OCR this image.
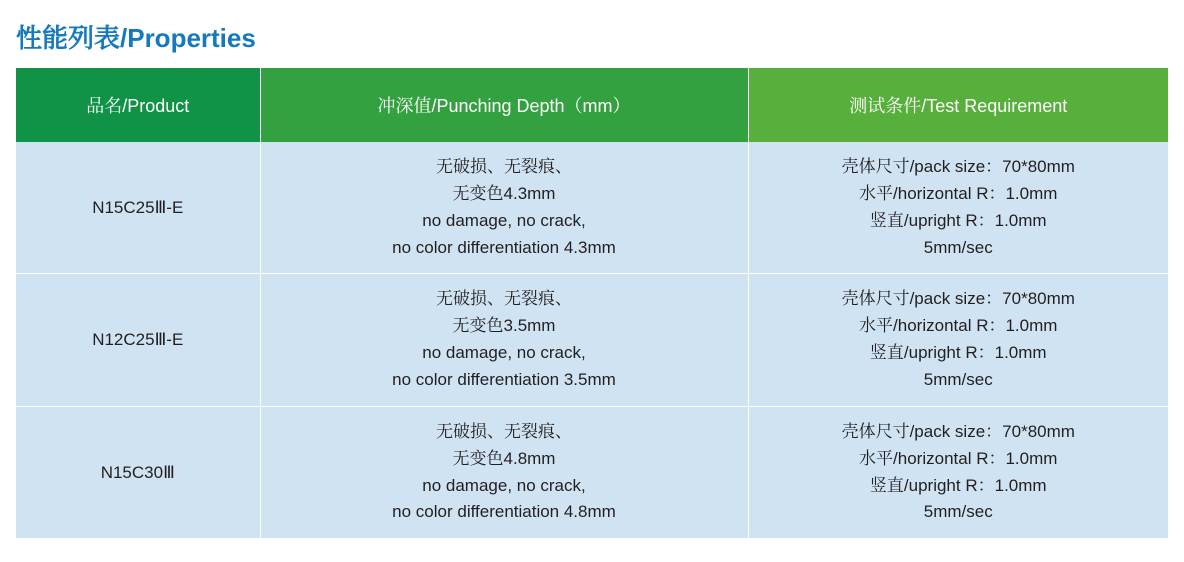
性能列表/Properties
品名/Product	冲深值/Punching Depth（mm）	测试条件/Test Requirement
N15C25Ⅲ-E	无破损、无裂痕、
无变色4.3mm
no damage, no crack,
no color differentiation 4.3mm	壳体尺寸/pack size：70*80mm
水平/horizontal R：1.0mm
竖直/upright R：1.0mm
5mm/sec

N12C25Ⅲ-E	无破损、无裂痕、
无变色3.5mm
no damage, no crack,
no color differentiation 3.5mm	壳体尺寸/pack size：70*80mm
水平/horizontal R：1.0mm
竖直/upright R：1.0mm
5mm/sec

N15C30Ⅲ	无破损、无裂痕、
无变色4.8mm
no damage, no crack,
no color differentiation 4.8mm	壳体尺寸/pack size：70*80mm
水平/horizontal R：1.0mm
竖直/upright R：1.0mm
5mm/sec
